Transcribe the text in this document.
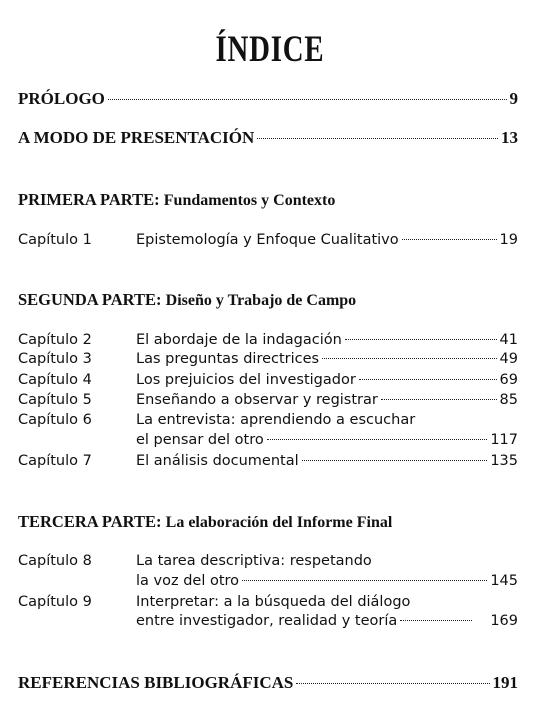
ÍNDICE
PRÓLOGO	9
A MODO DE PRESENTACIÓN	13
PRIMERA PARTE: Fundamentos y Contexto
Capítulo 1	Epistemología y Enfoque Cualitativo	19
SEGUNDA PARTE: Diseño y Trabajo de Campo
Capítulo 2	El abordaje de la indagación	41
Capítulo 3	Las preguntas directrices	49
Capítulo 4	Los prejuicios del investigador	69
Capítulo 5	Enseñando a observar y registrar	85
Capítulo 6	La entrevista: aprendiendo a escuchar
el pensar del otro	117
Capítulo 7	El análisis documental	135
TERCERA PARTE: La elaboración del Informe Final
Capítulo 8	La tarea descriptiva: respetando
la voz del otro	145
Capítulo 9	Interpretar: a la búsqueda del diálogo
entre investigador, realidad y teoría	169
REFERENCIAS BIBLIOGRÁFICAS	191
